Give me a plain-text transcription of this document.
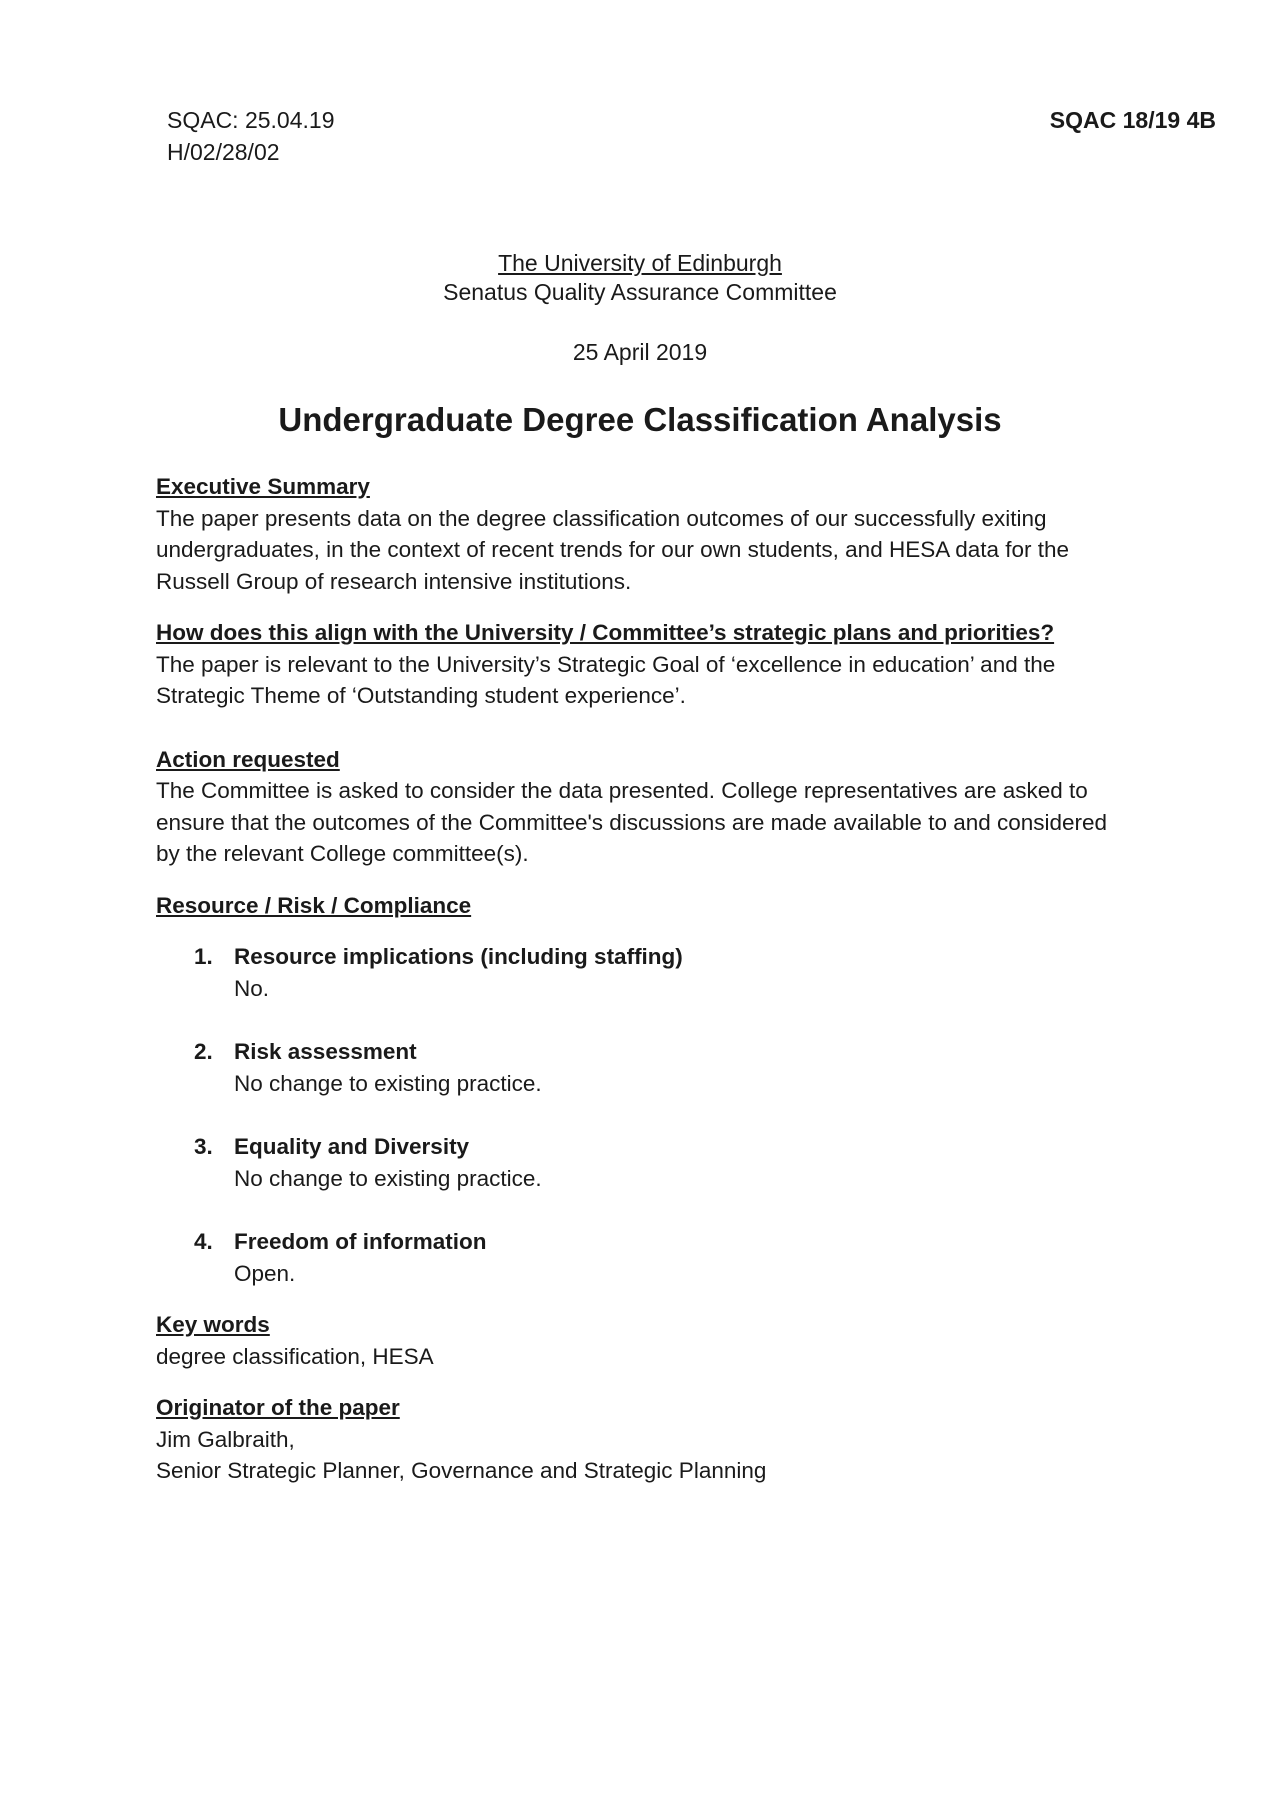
SQAC: 25.04.19
H/02/28/02
SQAC 18/19 4B
The University of Edinburgh
Senatus Quality Assurance Committee
25 April 2019
Undergraduate Degree Classification Analysis

Executive Summary

The paper presents data on the degree classification outcomes of our successfully exiting undergraduates, in the context of recent trends for our own students, and HESA data for the Russell Group of research intensive institutions.

How does this align with the University / Committee’s strategic plans and priorities?

The paper is relevant to the University’s Strategic Goal of ‘excellence in education’ and the Strategic Theme of ‘Outstanding student experience’.

Action requested

The Committee is asked to consider the data presented. College representatives are asked to ensure that the outcomes of the Committee's discussions are made available to and considered by the relevant College committee(s).

Resource / Risk / Compliance

1. Resource implications (including staffing)
No.
2. Risk assessment
No change to existing practice.
3. Equality and Diversity
No change to existing practice.
4. Freedom of information
Open.

Key words

degree classification, HESA

Originator of the paper

Jim Galbraith,

Senior Strategic Planner, Governance and Strategic Planning
